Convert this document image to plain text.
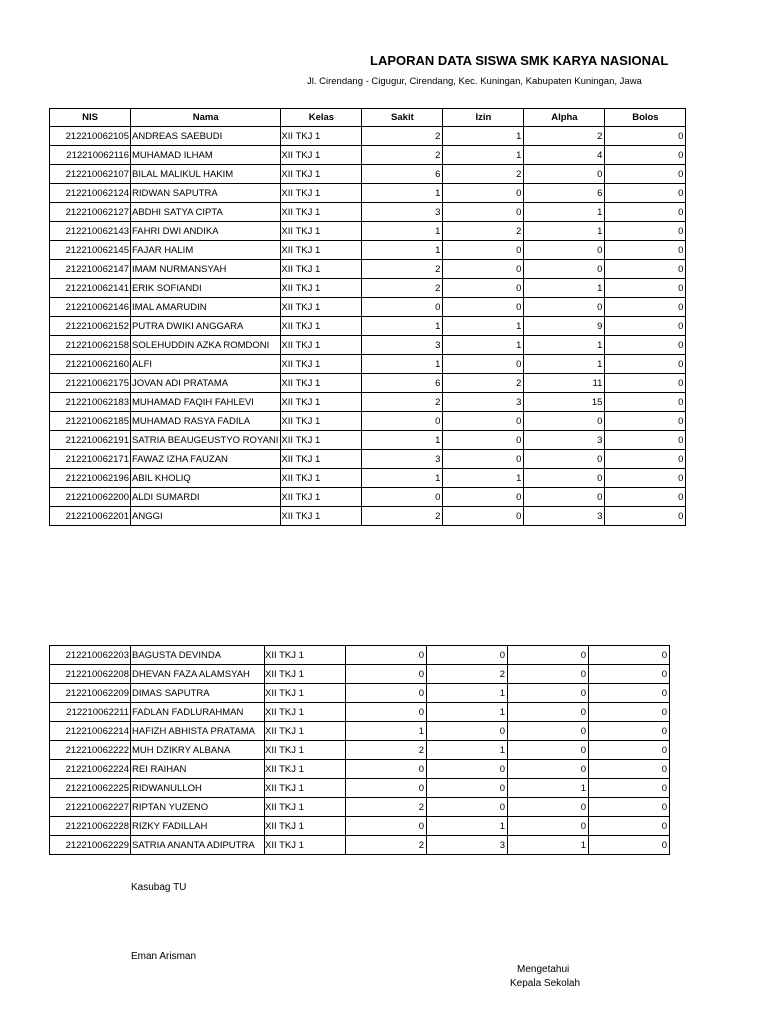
LAPORAN DATA SISWA SMK KARYA NASIONAL
Jl. Cirendang - Cigugur, Cirendang, Kec. Kuningan, Kabupaten Kuningan, Jawa
NIS	Nama	Kelas	Sakit	Izin	Alpha	Bolos
212210062105	ANDREAS SAEBUDI	XII TKJ 1	2	1	2	0
212210062116	MUHAMAD ILHAM	XII TKJ 1	2	1	4	0
212210062107	BILAL MALIKUL HAKIM	XII TKJ 1	6	2	0	0
212210062124	RIDWAN SAPUTRA	XII TKJ 1	1	0	6	0
212210062127	ABDHI SATYA CIPTA	XII TKJ 1	3	0	1	0
212210062143	FAHRI DWI ANDIKA	XII TKJ 1	1	2	1	0
212210062145	FAJAR HALIM	XII TKJ 1	1	0	0	0
212210062147	IMAM NURMANSYAH	XII TKJ 1	2	0	0	0
212210062141	ERIK SOFIANDI	XII TKJ 1	2	0	1	0
212210062146	IMAL AMARUDIN	XII TKJ 1	0	0	0	0
212210062152	PUTRA DWIKI ANGGARA	XII TKJ 1	1	1	9	0
212210062158	SOLEHUDDIN AZKA ROMDONI	XII TKJ 1	3	1	1	0
212210062160	ALFI	XII TKJ 1	1	0	1	0
212210062175	JOVAN ADI PRATAMA	XII TKJ 1	6	2	11	0
212210062183	MUHAMAD FAQIH FAHLEVI	XII TKJ 1	2	3	15	0
212210062185	MUHAMAD RASYA FADILA	XII TKJ 1	0	0	0	0
212210062191	SATRIA BEAUGEUSTYO ROYANI	XII TKJ 1	1	0	3	0
212210062171	FAWAZ IZHA FAUZAN	XII TKJ 1	3	0	0	0
212210062196	ABIL KHOLIQ	XII TKJ 1	1	1	0	0
212210062200	ALDI SUMARDI	XII TKJ 1	0	0	0	0
212210062201	ANGGI	XII TKJ 1	2	0	3	0
212210062203	BAGUSTA DEVINDA	XII TKJ 1	0	0	0	0
212210062208	DHEVAN FAZA ALAMSYAH	XII TKJ 1	0	2	0	0
212210062209	DIMAS SAPUTRA	XII TKJ 1	0	1	0	0
212210062211	FADLAN FADLURAHMAN	XII TKJ 1	0	1	0	0
212210062214	HAFIZH ABHISTA PRATAMA	XII TKJ 1	1	0	0	0
212210062222	MUH DZIKRY ALBANA	XII TKJ 1	2	1	0	0
212210062224	REI RAIHAN	XII TKJ 1	0	0	0	0
212210062225	RIDWANULLOH	XII TKJ 1	0	0	1	0
212210062227	RIPTAN YUZENO	XII TKJ 1	2	0	0	0
212210062228	RIZKY FADILLAH	XII TKJ 1	0	1	0	0
212210062229	SATRIA ANANTA ADIPUTRA	XII TKJ 1	2	3	1	0
Kasubag TU
Eman Arisman
Mengetahui
Kepala Sekolah
